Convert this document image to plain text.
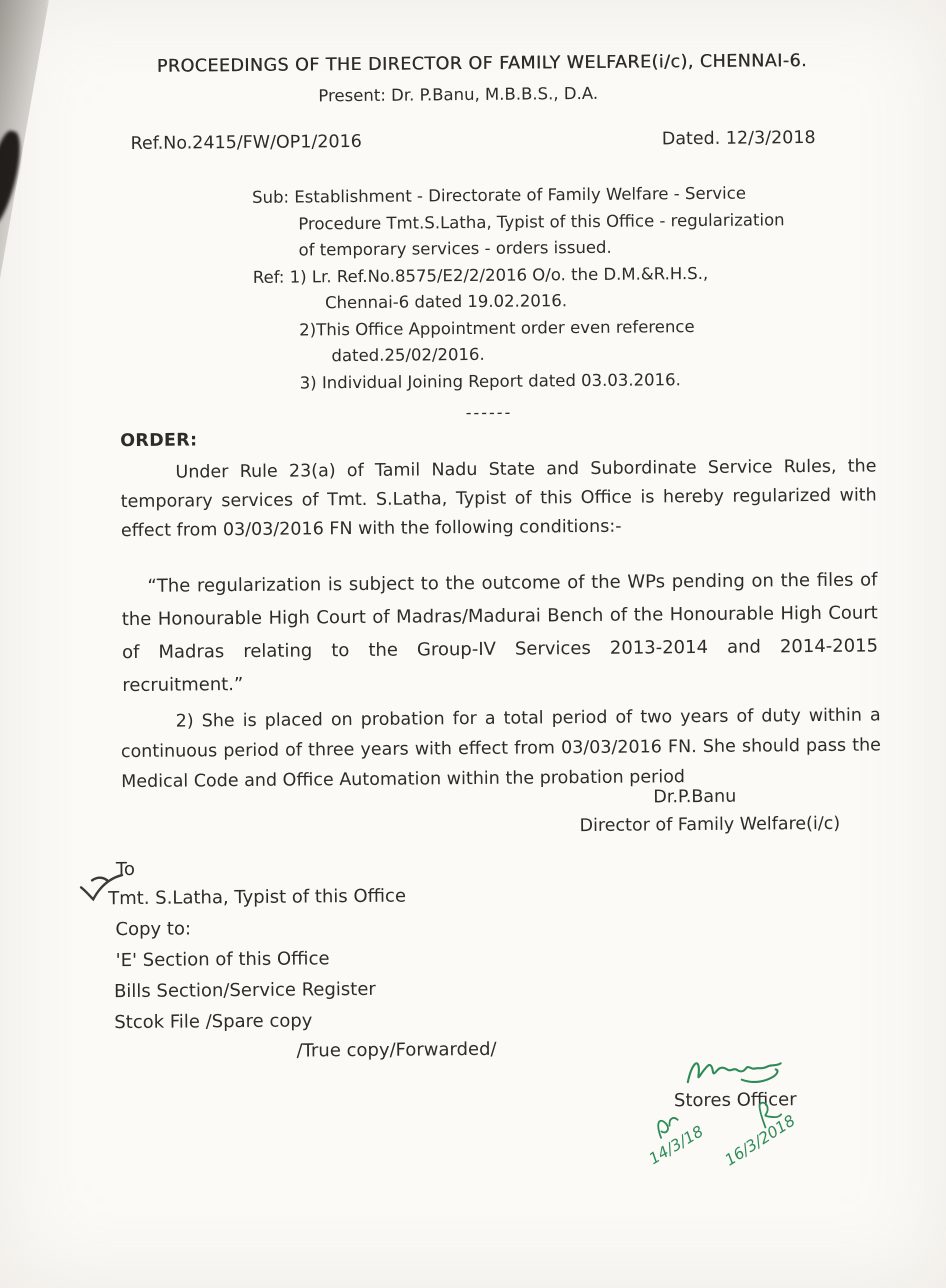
PROCEEDINGS OF THE DIRECTOR OF FAMILY WELFARE(i/c), CHENNAI-6.
Present: Dr. P.Banu, M.B.B.S., D.A.
Ref.No.2415/FW/OP1/2016	Dated. 12/3/2018
Sub: Establishment - Directorate of Family Welfare - Service
Procedure Tmt.S.Latha, Typist of this Office - regularization
of temporary services - orders issued.
Ref: 1) Lr. Ref.No.8575/E2/2/2016 O/o. the D.M.&R.H.S.,
Chennai-6 dated 19.02.2016.
2)This Office Appointment order even reference
dated.25/02/2016.
3) Individual Joining Report dated 03.03.2016.
------
ORDER:

Under Rule 23(a) of Tamil Nadu State and Subordinate Service Rules, the temporary services of Tmt. S.Latha, Typist of this Office is hereby regularized with effect from 03/03/2016 FN with the following conditions:-

“The regularization is subject to the outcome of the WPs pending on the files of the Honourable High Court of Madras/Madurai Bench of the Honourable High Court of Madras relating to the Group-IV Services 2013-2014 and 2014-2015 recruitment.”

2) She is placed on probation for a total period of two years of duty within a continuous period of three years with effect from 03/03/2016 FN. She should pass the Medical Code and Office Automation within the probation period

Dr.P.Banu
Director of Family Welfare(i/c)
To
Tmt. S.Latha, Typist of this Office
Copy to:
'E' Section of this Office
Bills Section/Service Register
Stcok File /Spare copy
/True copy/Forwarded/
Stores Officer
14/3/18 16/3/2018
